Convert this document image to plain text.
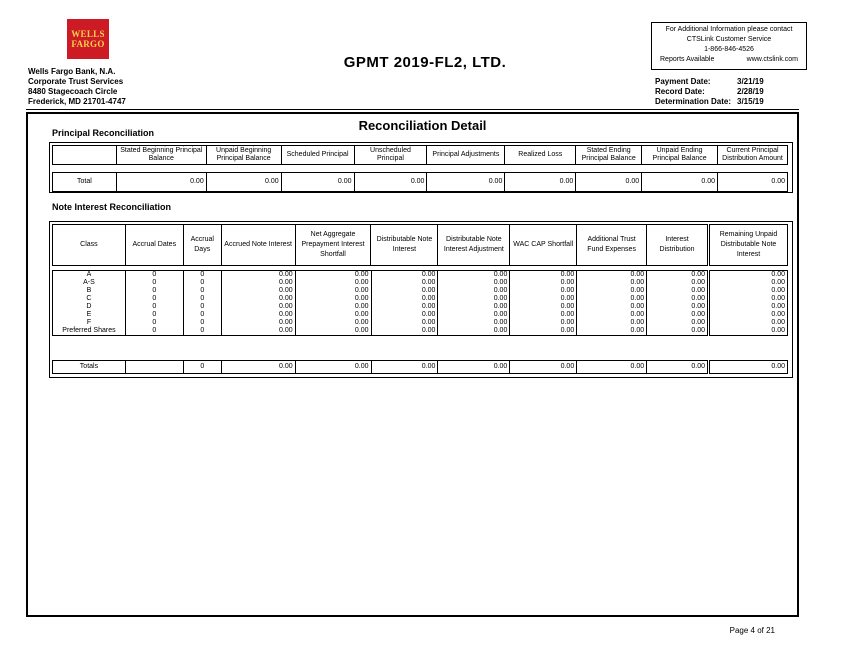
WELLS
FARGO
Wells Fargo Bank, N.A.
Corporate Trust Services
8480 Stagecoach Circle
Frederick, MD 21701-4747
GPMT 2019-FL2, LTD.
For Additional Information please contact
CTSLink Customer Service
1-866-846-4526
Reports Available	www.ctslink.com
Payment Date:	3/21/19
Record Date:	2/28/19
Determination Date: 3/15/19
Reconciliation Detail
Principal Reconciliation
	Stated Beginning Principal Balance	Unpaid Beginning Principal Balance	Scheduled Principal	Unscheduled Principal	Principal Adjustments	Realized Loss	Stated Ending Principal Balance	Unpaid Ending Principal Balance	Current Principal Distribution Amount

Total	0.00	0.00	0.00	0.00	0.00	0.00	0.00	0.00	0.00
Note Interest Reconciliation
Class	Accrual Dates	Accrual Days	Accrued Note Interest	Net Aggregate Prepayment Interest Shortfall	Distributable Note Interest	Distributable Note Interest Adjustment	WAC CAP Shortfall	Additional Trust Fund Expenses	Interest Distribution	Remaining Unpaid Distributable Note Interest

A	0	0	0.00	0.00	0.00	0.00	0.00	0.00	0.00	0.00
A-S	0	0	0.00	0.00	0.00	0.00	0.00	0.00	0.00	0.00
B	0	0	0.00	0.00	0.00	0.00	0.00	0.00	0.00	0.00
C	0	0	0.00	0.00	0.00	0.00	0.00	0.00	0.00	0.00
D	0	0	0.00	0.00	0.00	0.00	0.00	0.00	0.00	0.00
E	0	0	0.00	0.00	0.00	0.00	0.00	0.00	0.00	0.00
F	0	0	0.00	0.00	0.00	0.00	0.00	0.00	0.00	0.00
Preferred Shares	0	0	0.00	0.00	0.00	0.00	0.00	0.00	0.00	0.00
Totals		0	0.00	0.00	0.00	0.00	0.00	0.00	0.00	0.00
Page 4 of 21
